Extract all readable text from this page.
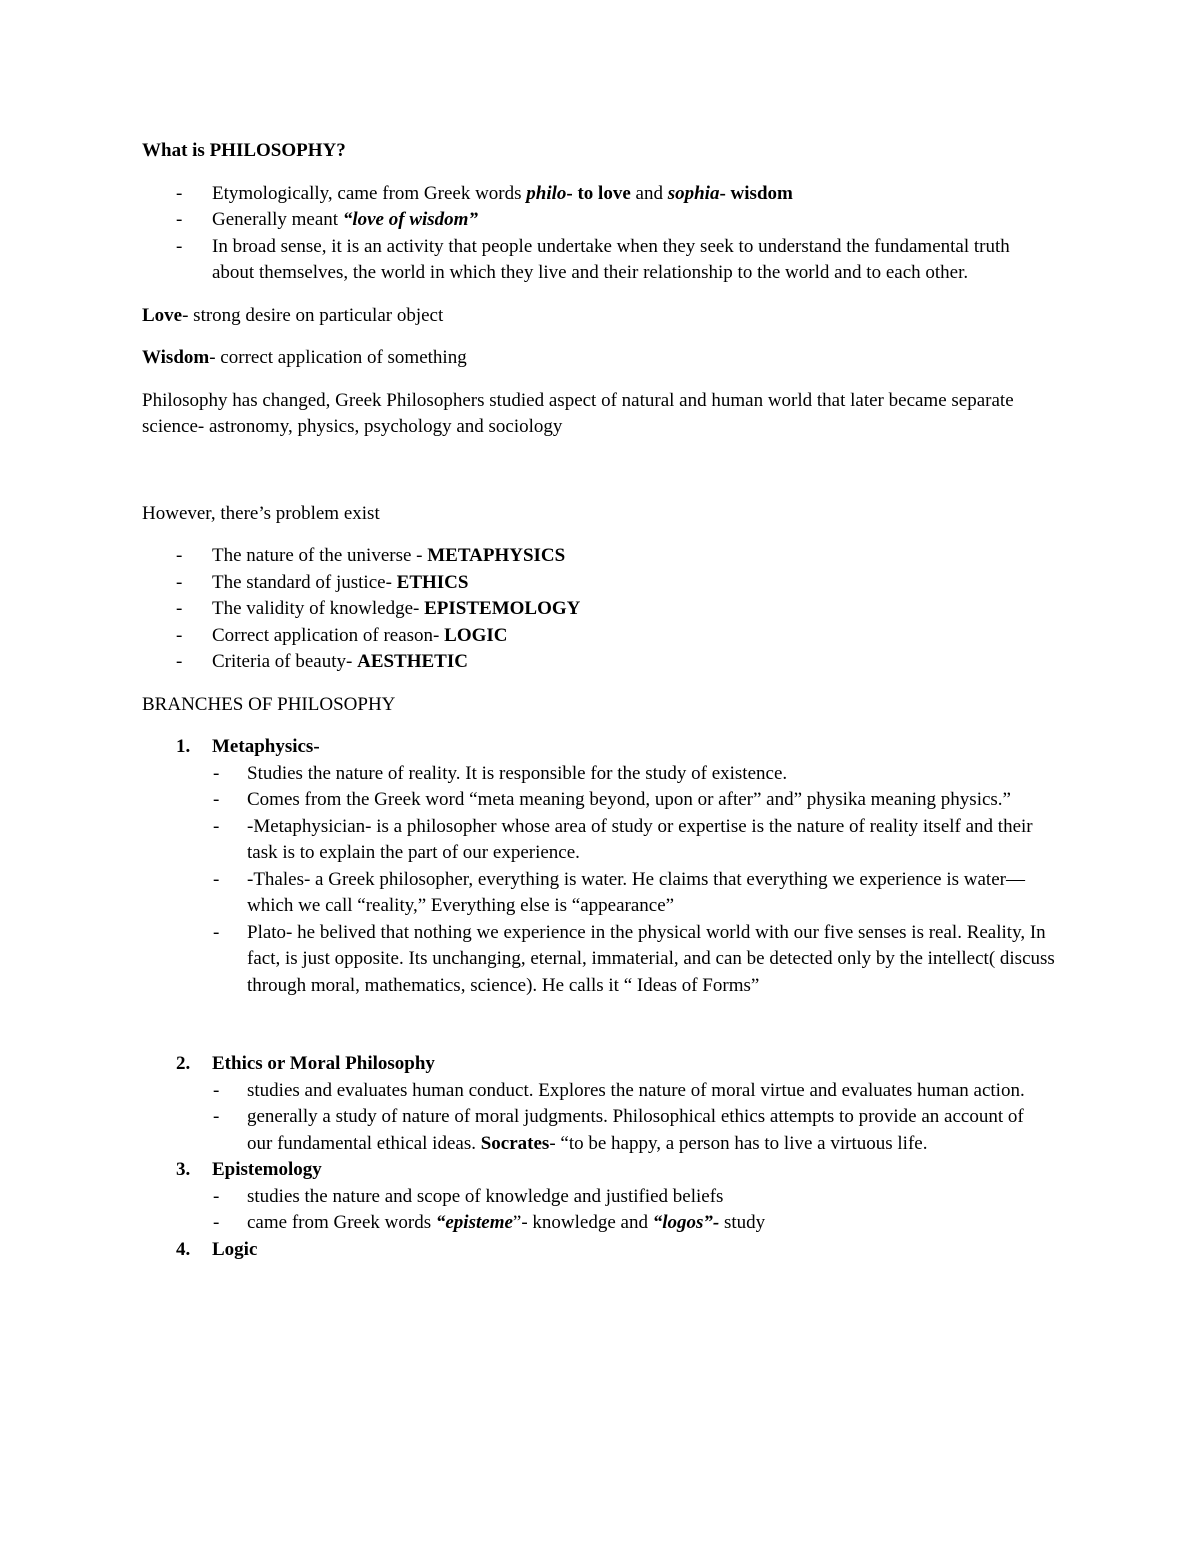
What is PHILOSOPHY?

- Etymologically, came from Greek words philo- to love and sophia- wisdom
- Generally meant “love of wisdom”
- In broad sense, it is an activity that people undertake when they seek to understand the fundamental truth about themselves, the world in which they live and their relationship to the world and to each other.

Love- strong desire on particular object

Wisdom- correct application of something

Philosophy has changed, Greek Philosophers studied aspect of natural and human world that later became separate science- astronomy, physics, psychology and sociology

However, there’s problem exist

- The nature of the universe - METAPHYSICS
- The standard of justice- ETHICS
- The validity of knowledge- EPISTEMOLOGY
- Correct application of reason- LOGIC
- Criteria of beauty- AESTHETIC

BRANCHES OF PHILOSOPHY

1. Metaphysics-
- Studies the nature of reality. It is responsible for the study of existence.
- Comes from the Greek word “meta meaning beyond, upon or after” and” physika meaning physics.”
- -Metaphysician- is a philosopher whose area of study or expertise is the nature of reality itself and their task is to explain the part of our experience.
- -Thales- a Greek philosopher, everything is water. He claims that everything we experience is water—which we call “reality,” Everything else is “appearance”
- Plato- he belived that nothing we experience in the physical world with our five senses is real. Reality, In fact, is just opposite. Its unchanging, eternal, immaterial, and can be detected only by the intellect( discuss through moral, mathematics, science). He calls it “ Ideas of Forms”
2. Ethics or Moral Philosophy
- studies and evaluates human conduct. Explores the nature of moral virtue and evaluates human action.
- generally a study of nature of moral judgments. Philosophical ethics attempts to provide an account of our fundamental ethical ideas. Socrates- “to be happy, a person has to live a virtuous life.
3. Epistemology
- studies the nature and scope of knowledge and justified beliefs
- came from Greek words “episteme”- knowledge and “logos”- study
4. Logic
